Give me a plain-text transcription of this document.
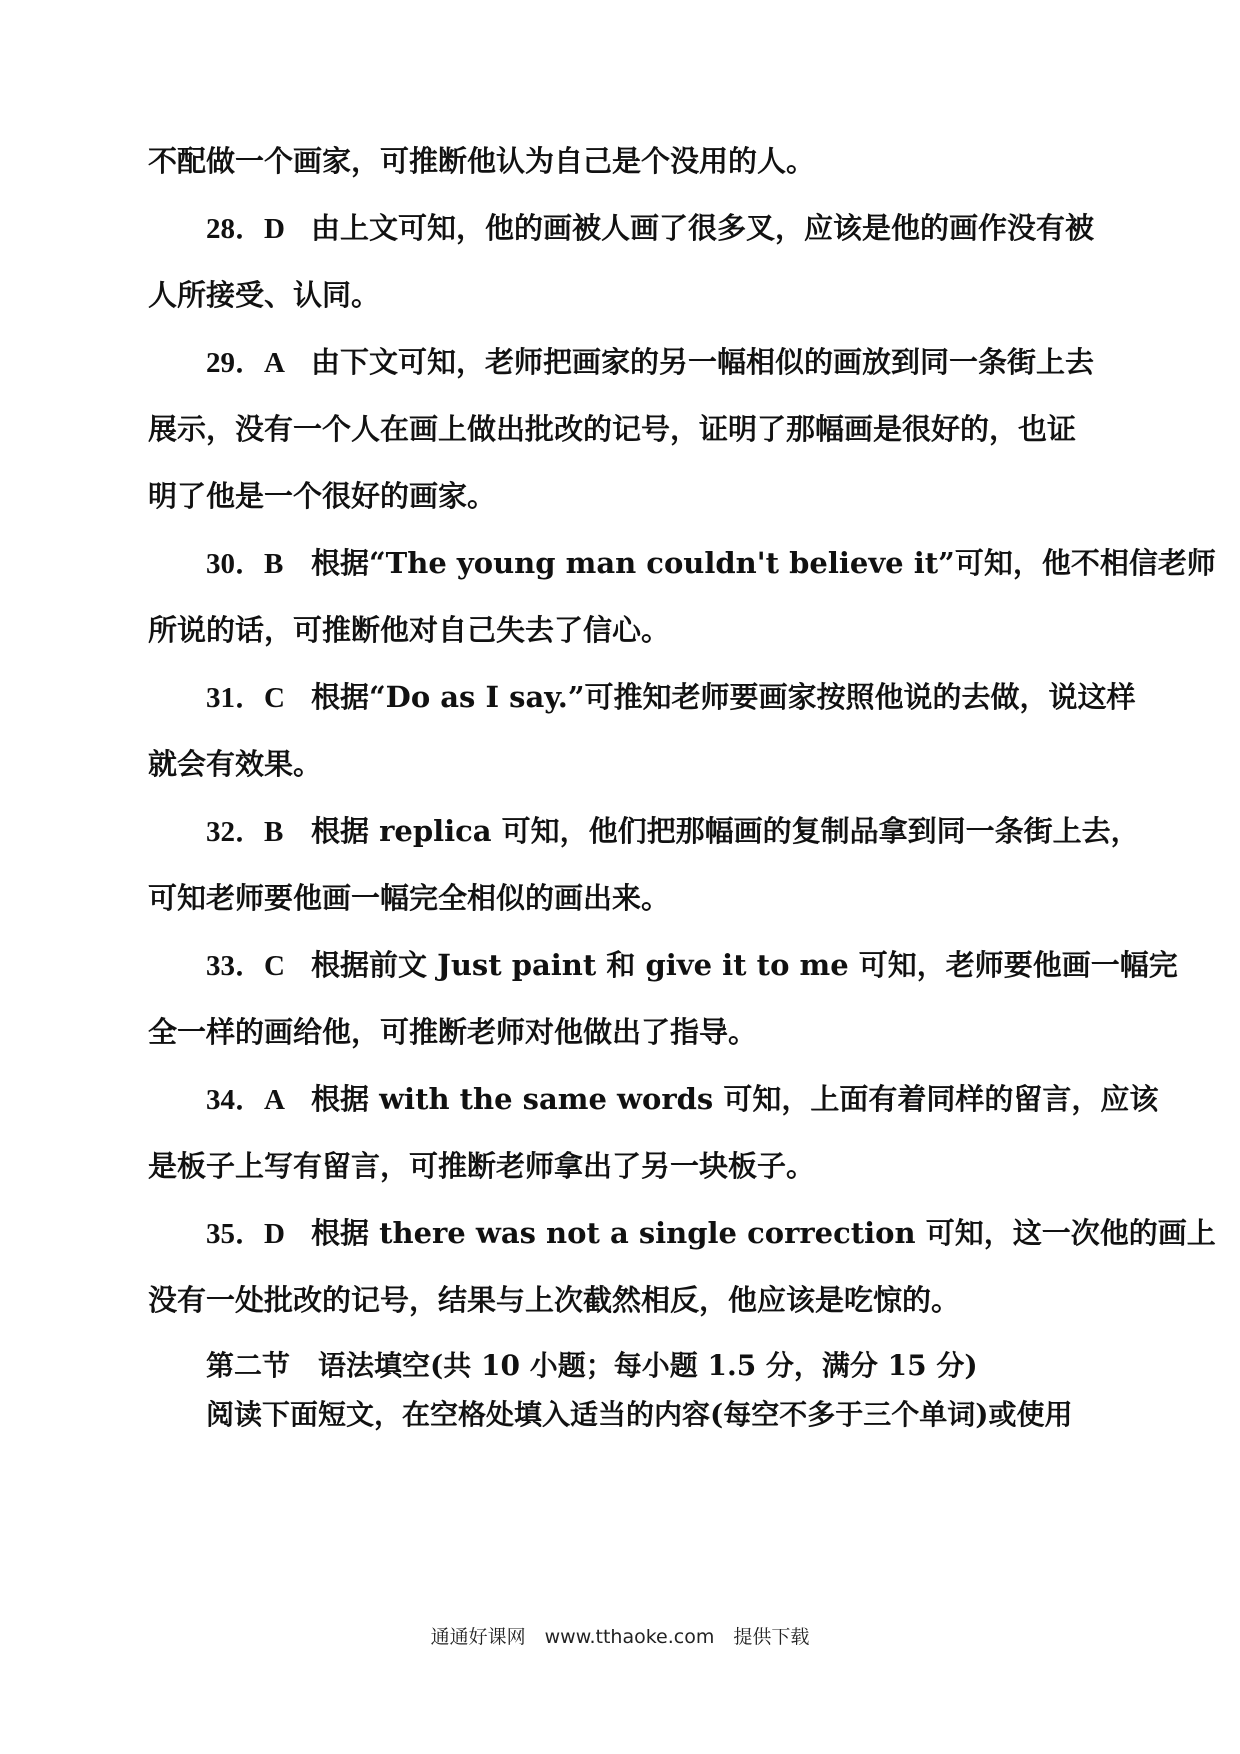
不配做一个画家，可推断他认为自己是个没用的人。
28．D 由上文可知，他的画被人画了很多叉，应该是他的画作没有被
人所接受、认同。
29．A 由下文可知，老师把画家的另一幅相似的画放到同一条街上去
展示，没有一个人在画上做出批改的记号，证明了那幅画是很好的，也证
明了他是一个很好的画家。
30．B 根据“The young man couldn't believe it”可知，他不相信老师
所说的话，可推断他对自己失去了信心。
31．C 根据“Do as I say.”可推知老师要画家按照他说的去做，说这样
就会有效果。
32．B 根据 replica 可知，他们把那幅画的复制品拿到同一条街上去，
可知老师要他画一幅完全相似的画出来。
33．C 根据前文 Just paint 和 give it to me 可知，老师要他画一幅完
全一样的画给他，可推断老师对他做出了指导。
34．A 根据 with the same words 可知，上面有着同样的留言，应该
是板子上写有留言，可推断老师拿出了另一块板子。
35．D 根据 there was not a single correction 可知，这一次他的画上
没有一处批改的记号，结果与上次截然相反，他应该是吃惊的。
第二节　语法填空(共 10 小题；每小题 1.5 分，满分 15 分)
阅读下面短文，在空格处填入适当的内容(每空不多于三个单词)或使用
通通好课网　www.tthaoke.com　提供下载
